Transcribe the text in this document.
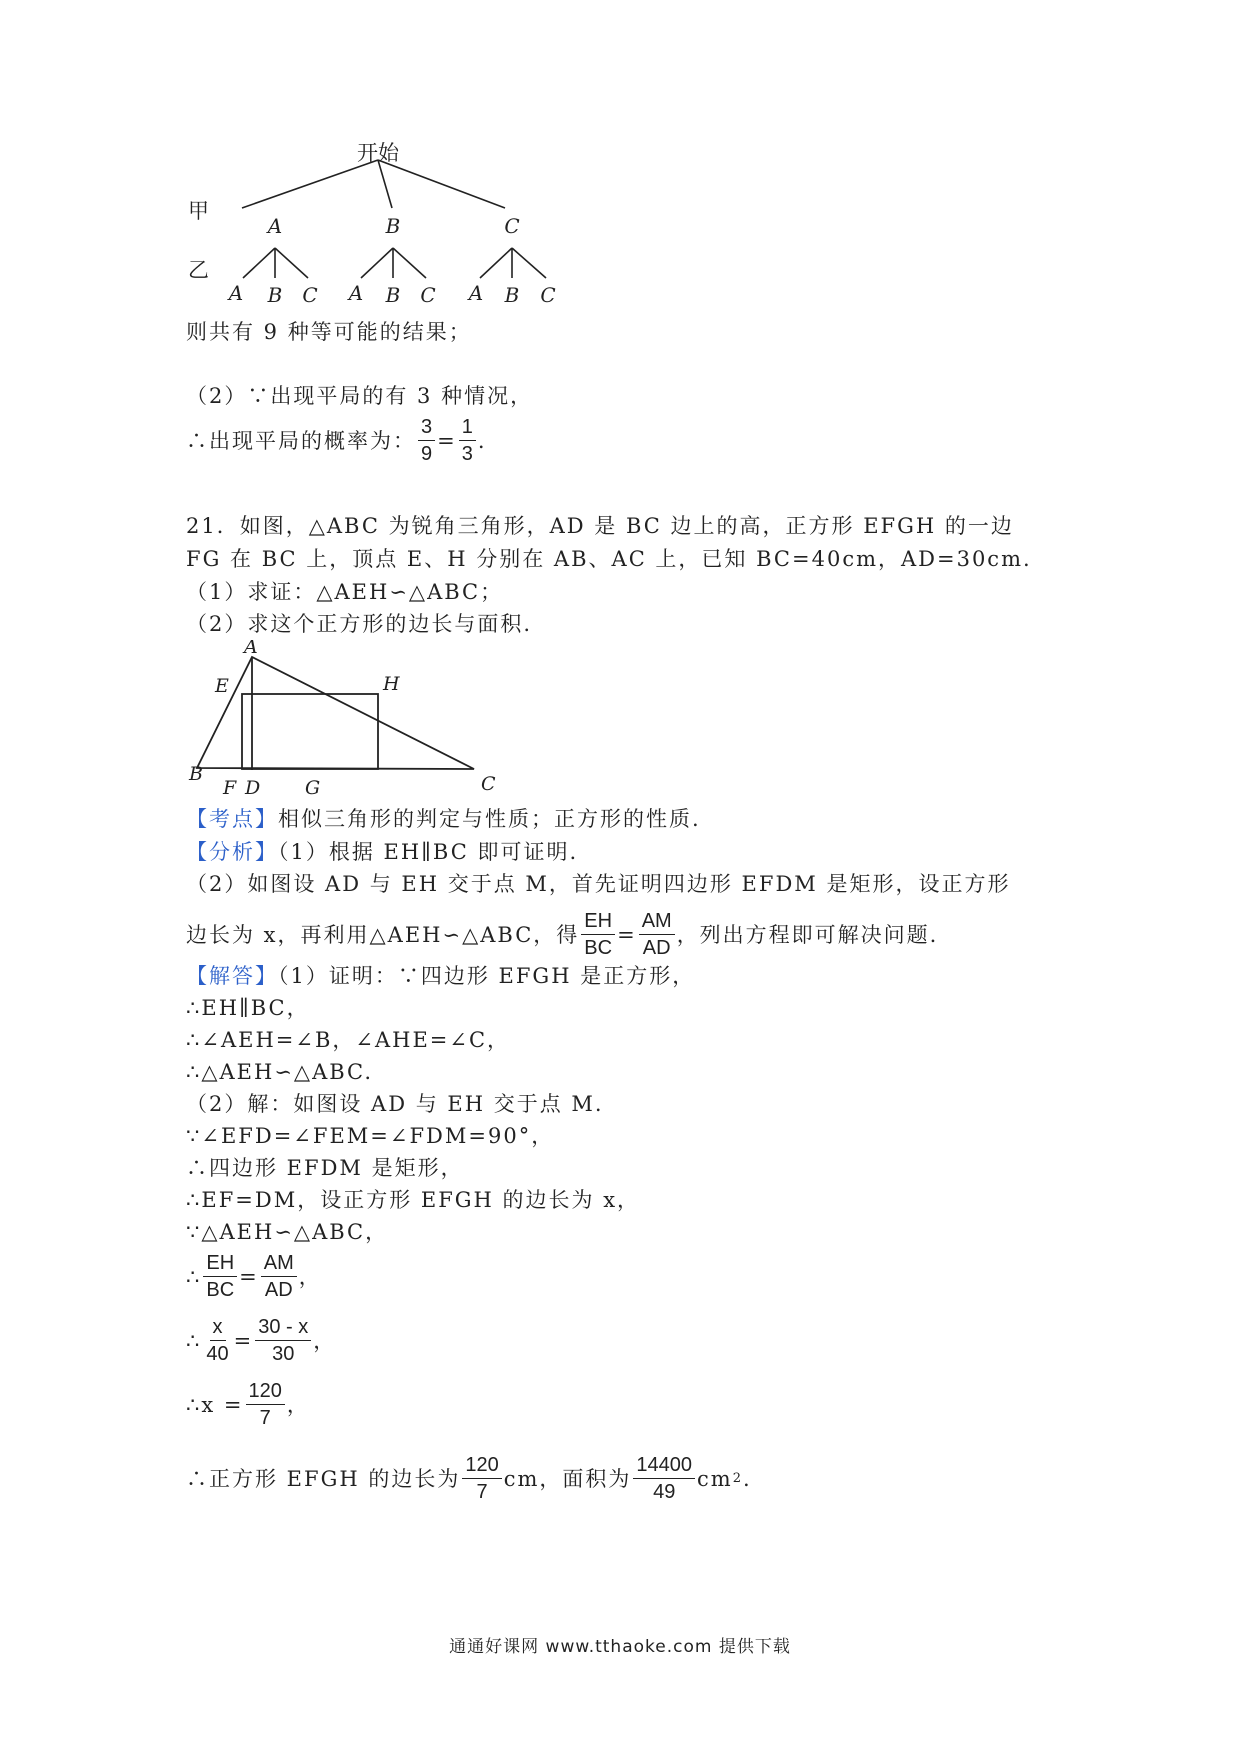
开始
甲
乙
A	B	C
A B C A B C A B C
则共有 9 种等可能的结果；
（2）∵出现平局的有 3 种情况，
∴出现平局的概率为： $\frac{3}{9} = \frac{1}{3}$ .
21．如图，△ABC 为锐角三角形，AD 是 BC 边上的高，正方形 EFGH 的一边
FG 在 BC 上，顶点 E、H 分别在 AB、AC 上，已知 BC=40cm，AD=30cm.
（1）求证：△AEH∽△ABC；
（2）求这个正方形的边长与面积.
A
E	H
B
F D G	C
【考点】相似三角形的判定与性质；正方形的性质.
【分析】（1）根据 EH∥BC 即可证明.
（2）如图设 AD 与 EH 交于点 M，首先证明四边形 EFDM 是矩形，设正方形
边长为 x，再利用△AEH∽△ABC，得 $\frac{EH}{BC} = \frac{AM}{AD}$ ，列出方程即可解决问题.
【解答】（1）证明：∵四边形 EFGH 是正方形，
∴EH∥BC，
∴∠AEH=∠B，∠AHE=∠C，
∴△AEH∽△ABC.
（2）解：如图设 AD 与 EH 交于点 M.
∵∠EFD=∠FEM=∠FDM=90°，
∴四边形 EFDM 是矩形，
∴EF=DM，设正方形 EFGH 的边长为 x，
∵△AEH∽△ABC，
∴ $\frac{EH}{BC} = \frac{AM}{AD}$ ，
∴ $\frac{x}{40} = \frac{30 - x}{30}$ ，
∴ $x = \frac{120}{7}$ ，
∴正方形 EFGH 的边长为 $\frac{120}{7}$ cm，面积为 $\frac{14400}{49}$ cm 2 .
通通好课网 www.tthaoke.com 提供下载
